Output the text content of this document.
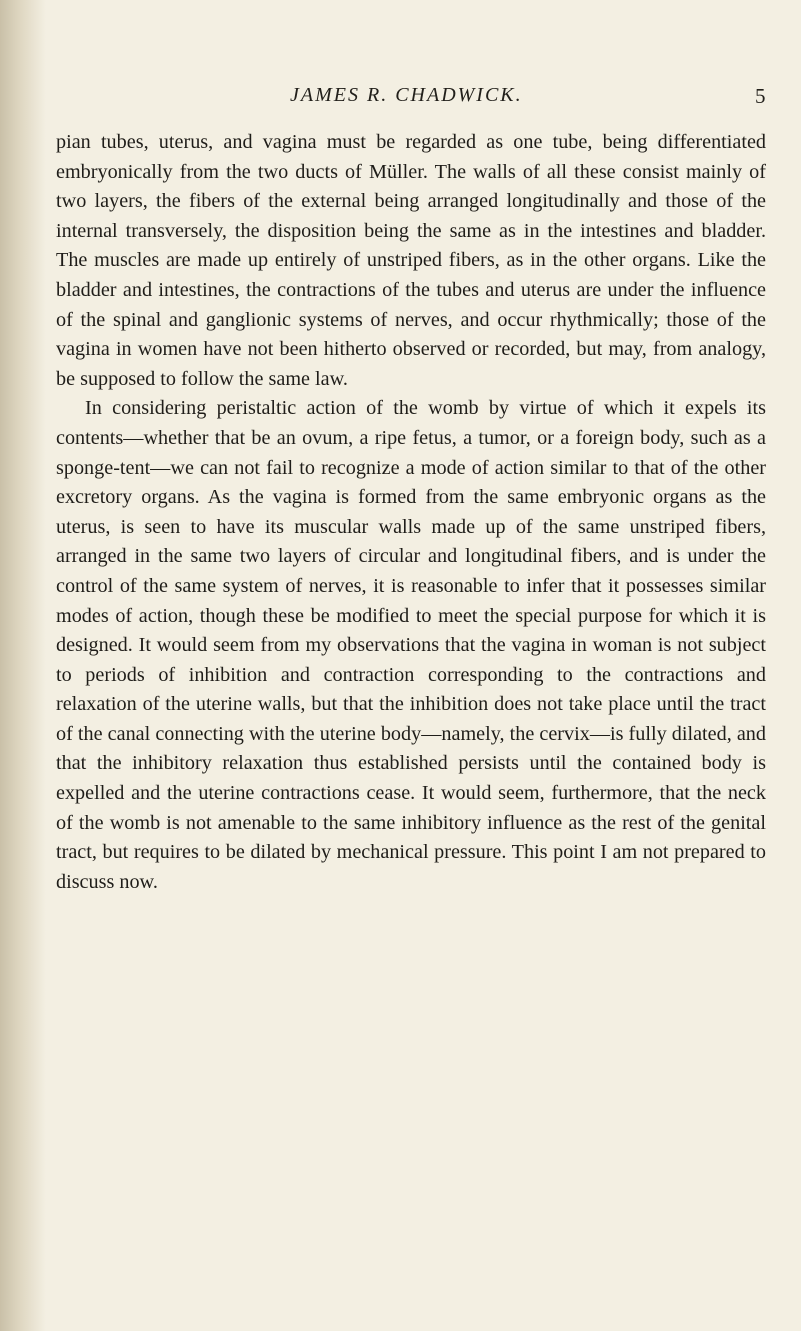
JAMES R. CHADWICK.	5

pian tubes, uterus, and vagina must be regarded as one tube, being differentiated embryonically from the two ducts of Müller. The walls of all these consist mainly of two layers, the fibers of the external being arranged longitudinally and those of the internal transversely, the disposition being the same as in the intestines and bladder. The muscles are made up entirely of unstriped fibers, as in the other organs. Like the bladder and intestines, the contractions of the tubes and uterus are under the influence of the spinal and ganglionic systems of nerves, and occur rhythmically; those of the vagina in women have not been hitherto observed or recorded, but may, from analogy, be supposed to follow the same law.

In considering peristaltic action of the womb by virtue of which it expels its contents—whether that be an ovum, a ripe fetus, a tumor, or a foreign body, such as a sponge-tent—we can not fail to recognize a mode of action similar to that of the other excretory organs. As the vagina is formed from the same embryonic organs as the uterus, is seen to have its muscular walls made up of the same unstriped fibers, arranged in the same two layers of circular and longitudinal fibers, and is under the control of the same system of nerves, it is reasonable to infer that it possesses similar modes of action, though these be modified to meet the special purpose for which it is designed. It would seem from my observations that the vagina in woman is not subject to periods of inhibition and contraction corresponding to the contractions and relaxation of the uterine walls, but that the inhibition does not take place until the tract of the canal connecting with the uterine body—namely, the cervix—is fully dilated, and that the inhibitory relaxation thus established persists until the contained body is expelled and the uterine contractions cease. It would seem, furthermore, that the neck of the womb is not amenable to the same inhibitory influence as the rest of the genital tract, but requires to be dilated by mechanical pressure. This point I am not prepared to discuss now.
